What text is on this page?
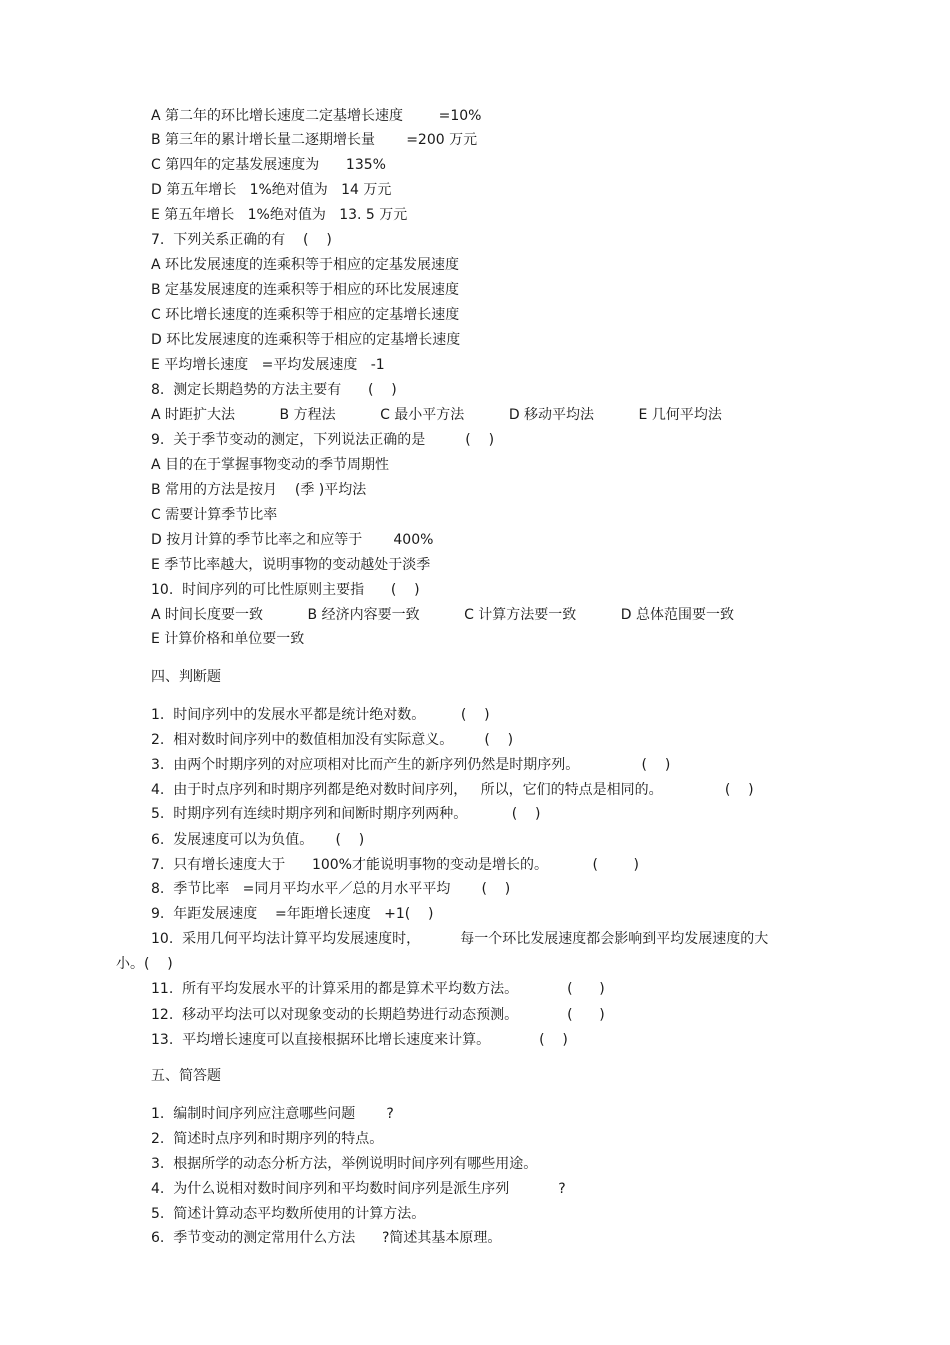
A 第二年的环比增长速度二定基增长速度        =10%
B 第三年的累计增长量二逐期增长量       =200 万元
C 第四年的定基发展速度为      135%
D 第五年增长   1%绝对值为   14 万元
E 第五年增长   1%绝对值为   13. 5 万元
7.  下列关系正确的有    (    )
A 环比发展速度的连乘积等于相应的定基发展速度
B 定基发展速度的连乘积等于相应的环比发展速度
C 环比增长速度的连乘积等于相应的定基增长速度
D 环比发展速度的连乘积等于相应的定基增长速度
E 平均增长速度   =平均发展速度   -1
8.  测定长期趋势的方法主要有      (    )
A 时距扩大法          B 方程法          C 最小平方法          D 移动平均法          E 几何平均法
9.  关于季节变动的测定，下列说法正确的是         (    )
A 目的在于掌握事物变动的季节周期性
B 常用的方法是按月    (季 )平均法
C 需要计算季节比率
D 按月计算的季节比率之和应等于       400%
E 季节比率越大，说明事物的变动越处于淡季
10.  时间序列的可比性原则主要指      (    )
A 时间长度要一致          B 经济内容要一致          C 计算方法要一致          D 总体范围要一致
E 计算价格和单位要一致
四、判断题
1.  时间序列中的发展水平都是统计绝对数。        (    )
2.  相对数时间序列中的数值相加没有实际意义。       (    )
3.  由两个时期序列的对应项相对比而产生的新序列仍然是时期序列。              (    )
4.  由于时点序列和时期序列都是绝对数时间序列，   所以，它们的特点是相同的。              (    )
5.  时期序列有连续时期序列和间断时期序列两种。          (    )
6.  发展速度可以为负值。     (    )
7.  只有增长速度大于      100%才能说明事物的变动是增长的。          (        )
8.  季节比率   =同月平均水平／总的月水平平均       (    )
9.  年距发展速度    =年距增长速度   +1(    )
10.  采用几何平均法计算平均发展速度时，         每一个环比发展速度都会影响到平均发展速度的大
小。(    )
11.  所有平均发展水平的计算采用的都是算术平均数方法。           (      )
12.  移动平均法可以对现象变动的长期趋势进行动态预测。           (      )
13.  平均增长速度可以直接根据环比增长速度来计算。           (    )
五、简答题
1.  编制时间序列应注意哪些问题       ?
2.  简述时点序列和时期序列的特点。
3.  根据所学的动态分析方法，举例说明时间序列有哪些用途。
4.  为什么说相对数时间序列和平均数时间序列是派生序列           ?
5.  简述计算动态平均数所使用的计算方法。
6.  季节变动的测定常用什么方法      ?简述其基本原理。
